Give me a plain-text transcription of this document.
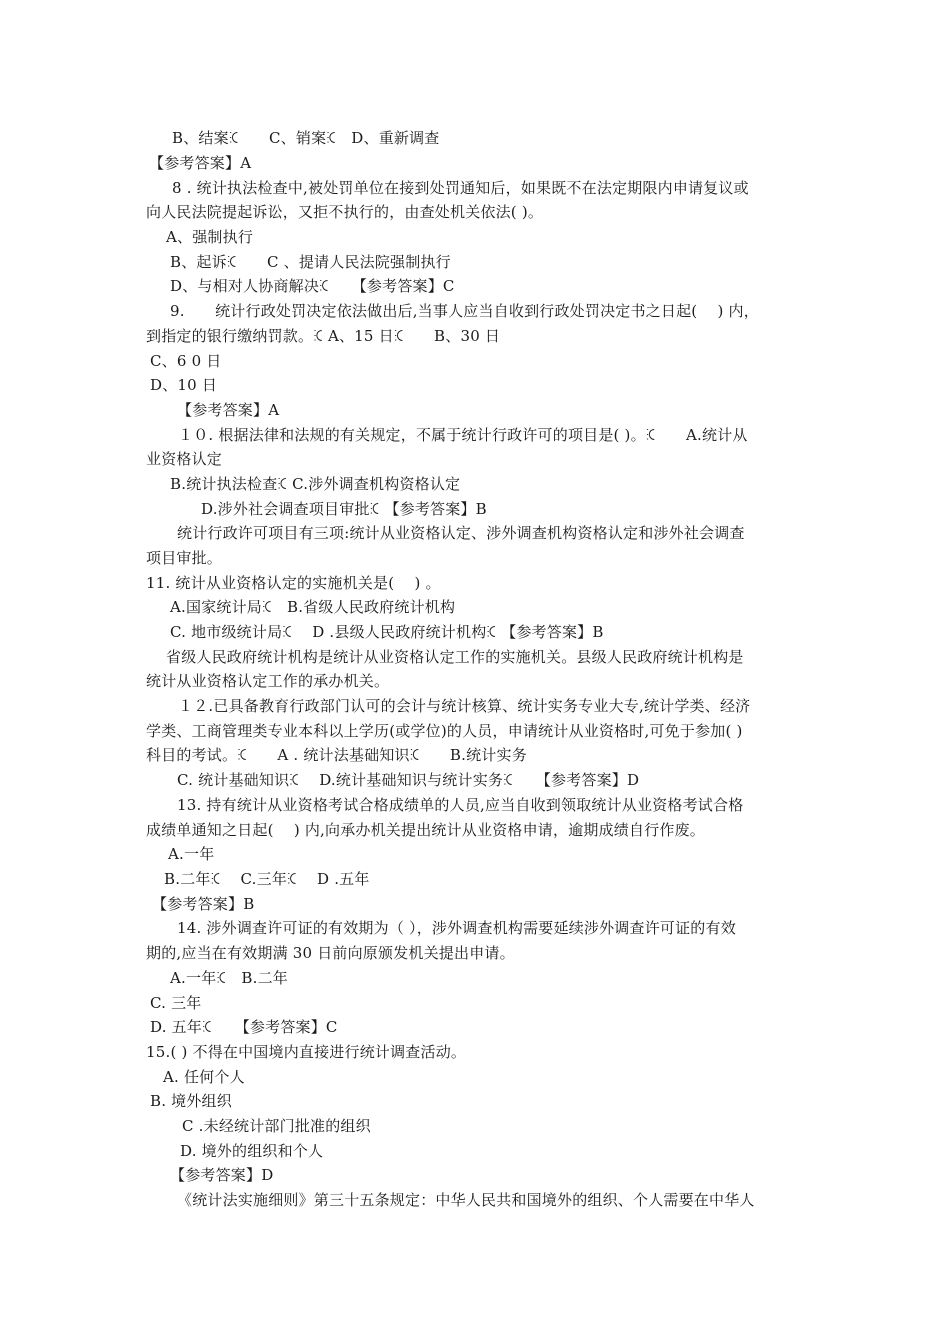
B、结案ꕿ　　C、销案ꕿ　D、重新调查
【参考答案】A
8 . 统计执法检查中,被处罚单位在接到处罚通知后，如果既不在法定期限内申请复议或
向人民法院提起诉讼，又拒不执行的，由查处机关依法( )。
A、强制执行
B、起诉ꕿ　　C 、提请人民法院强制执行
D、与相对人协商解决ꕿ　　【参考答案】C
9.　　统计行政处罚决定依法做出后,当事人应当自收到行政处罚决定书之日起(　 ) 内，
到指定的银行缴纳罚款。ꕿ A、15 日ꕿ　　B、30 日
C、6 0 日
D、10 日
【参考答案】A
１０. 根据法律和法规的有关规定，不属于统计行政许可的项目是( )。ꕿ　　A.统计从
业资格认定
B.统计执法检查ꕿ C.涉外调查机构资格认定
D.涉外社会调查项目审批ꕿ 【参考答案】B
统计行政许可项目有三项:统计从业资格认定、涉外调查机构资格认定和涉外社会调查
项目审批。
11. 统计从业资格认定的实施机关是(　 ) 。
A.国家统计局ꕿ　B.省级人民政府统计机构
C. 地市级统计局ꕿ　 D .县级人民政府统计机构ꕿ 【参考答案】B
省级人民政府统计机构是统计从业资格认定工作的实施机关。县级人民政府统计机构是
统计从业资格认定工作的承办机关。
１２.已具备教育行政部门认可的会计与统计核算、统计实务专业大专,统计学类、经济
学类、工商管理类专业本科以上学历(或学位)的人员，申请统计从业资格时,可免于参加( )
科目的考试。ꕿ　　A . 统计法基础知识ꕿ　　B.统计实务
C. 统计基础知识ꕿ　 D.统计基础知识与统计实务ꕿ　　【参考答案】D
13. 持有统计从业资格考试合格成绩单的人员,应当自收到领取统计从业资格考试合格
成绩单通知之日起(　 ) 内,向承办机关提出统计从业资格申请，逾期成绩自行作废。
A.一年
B.二年ꕿ　 C.三年ꕿ　 D .五年
【参考答案】B
14. 涉外调查许可证的有效期为（ ），涉外调查机构需要延续涉外调查许可证的有效
期的,应当在有效期满 30 日前向原颁发机关提出申请。
A.一年ꕿ　B.二年
C. 三年
D. 五年ꕿ　　【参考答案】C
15.( ) 不得在中国境内直接进行统计调查活动。
A. 任何个人
B. 境外组织
C .未经统计部门批准的组织
D. 境外的组织和个人
【参考答案】D
《统计法实施细则》第三十五条规定：中华人民共和国境外的组织、个人需要在中华人
